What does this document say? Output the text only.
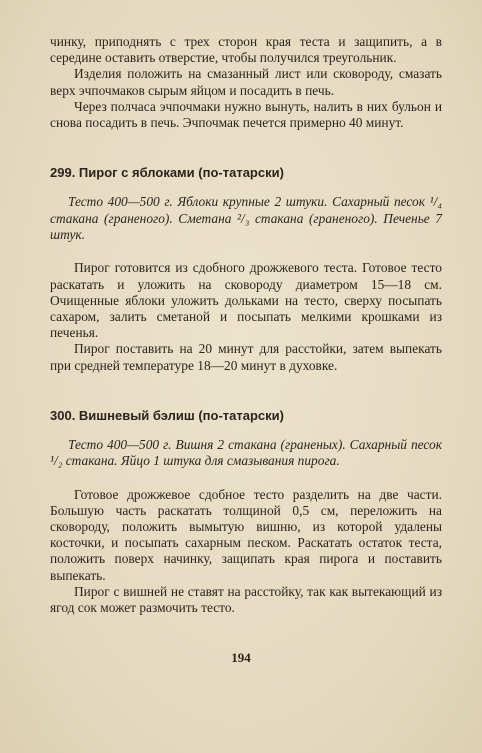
чинку, приподнять с трех сторон края теста и защипить, а в середине оставить отверстие, чтобы получился треугольник.

Изделия положить на смазанный лист или сковороду, смазать верх эчпочмаков сырым яйцом и посадить в печь.

Через полчаса эчпочмаки нужно вынуть, налить в них бульон и снова посадить в печь. Эчпочмак печется примерно 40 минут.

299. Пирог с яблоками (по-татарски)
Тесто 400—500 г. Яблоки крупные 2 штуки. Сахарный песок ¹/₄ стакана (граненого). Сметана ²/₃ стакана (граненого). Печенье 7 штук.

Пирог готовится из сдобного дрожжевого теста. Готовое тесто раскатать и уложить на сковороду диаметром 15—18 см. Очищенные яблоки уложить дольками на тесто, сверху посыпать сахаром, залить сметаной и посыпать мелкими крошками из печенья.

Пирог поставить на 20 минут для расстойки, затем выпекать при средней температуре 18—20 минут в духовке.

300. Вишневый бэлиш (по-татарски)
Тесто 400—500 г. Вишня 2 стакана (граненых). Сахарный песок ¹/₂ стакана. Яйцо 1 штука для смазывания пирога.

Готовое дрожжевое сдобное тесто разделить на две части. Большую часть раскатать толщиной 0,5 см, переложить на сковороду, положить вымытую вишню, из которой удалены косточки, и посыпать сахарным песком. Раскатать остаток теста, положить поверх начинку, защипать края пирога и поставить выпекать.

Пирог с вишней не ставят на расстойку, так как вытекающий из ягод сок может размочить тесто.

194
